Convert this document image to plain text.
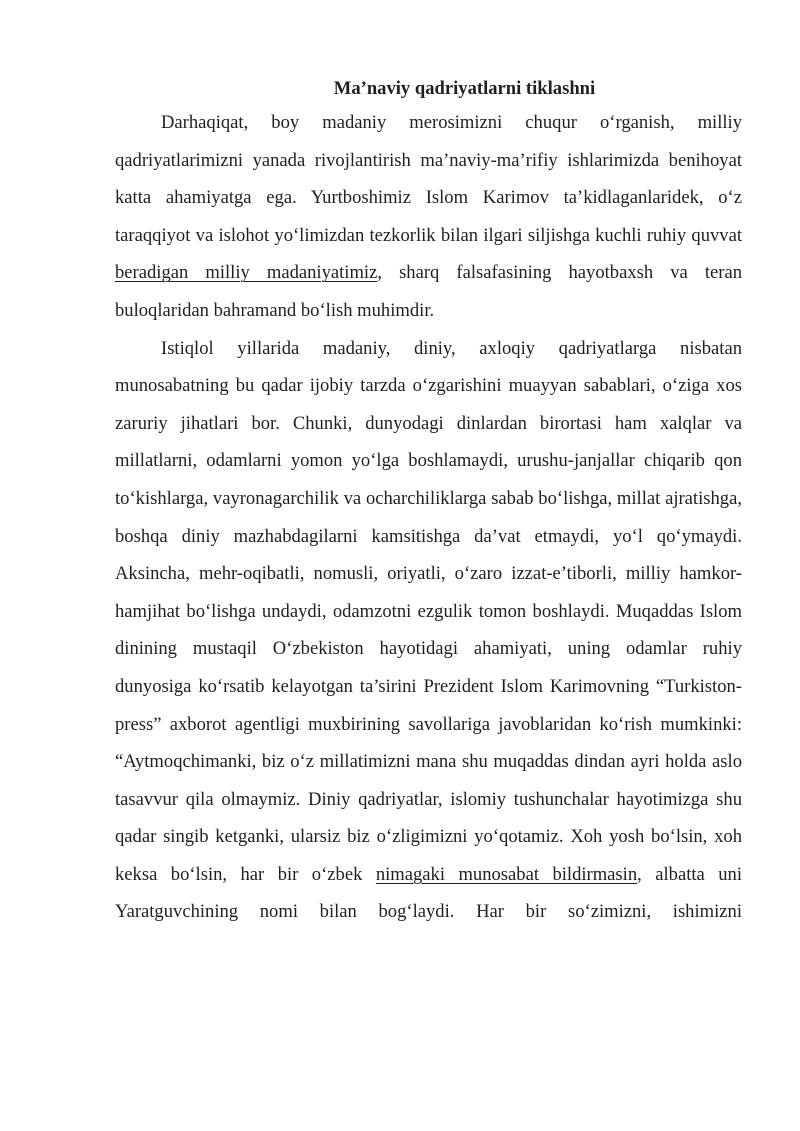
Ma’naviy qadriyatlarni tiklashni

Darhaqiqat, boy madaniy merosimizni chuqur o‘rganish, milliy qadriyatlarimizni yanada rivojlantirish ma’naviy-ma’rifiy ishlarimizda benihoyat katta ahamiyatga ega. Yurtboshimiz Islom Karimov ta’kidlaganlaridek, o‘z taraqqiyot va islohot yo‘limizdan tezkorlik bilan ilgari siljishga kuchli ruhiy quvvat beradigan milliy madaniyatimiz, sharq falsafasining hayotbaxsh va teran buloqlaridan bahramand bo‘lish muhimdir.

Istiqlol yillarida madaniy, diniy, axloqiy qadriyatlarga nisbatan munosabatning bu qadar ijobiy tarzda o‘zgarishini muayyan sabablari, o‘ziga xos zaruriy jihatlari bor. Chunki, dunyodagi dinlardan birortasi ham xalqlar va millatlarni, odamlarni yomon yo‘lga boshlamaydi, urushu-janjallar chiqarib qon to‘kishlarga, vayronagarchilik va ocharchiliklarga sabab bo‘lishga, millat ajratishga, boshqa diniy mazhabdagilarni kamsitishga da’vat etmaydi, yo‘l qo‘ymaydi. Aksincha, mehr-oqibatli, nomusli, oriyatli, o‘zaro izzat-e’tiborli, milliy hamkor-hamjihat bo‘lishga undaydi, odamzotni ezgulik tomon boshlaydi. Muqaddas Islom dinining mustaqil O‘zbekiston hayotidagi ahamiyati, uning odamlar ruhiy dunyosiga ko‘rsatib kelayotgan ta’sirini Prezident Islom Karimovning “Turkiston-press” axborot agentligi muxbirining savollariga javoblaridan ko‘rish mumkinki: “Aytmoqchimanki, biz o‘z millatimizni mana shu muqaddas dindan ayri holda aslo tasavvur qila olmaymiz. Diniy qadriyatlar, islomiy tushunchalar hayotimizga shu qadar singib ketganki, ularsiz biz o‘zligimizni yo‘qotamiz. Xoh yosh bo‘lsin, xoh keksa bo‘lsin, har bir o‘zbek nimagaki munosabat bildirmasin, albatta uni Yaratguvchining nomi bilan bog‘laydi. Har bir so‘zimizni, ishimizni
